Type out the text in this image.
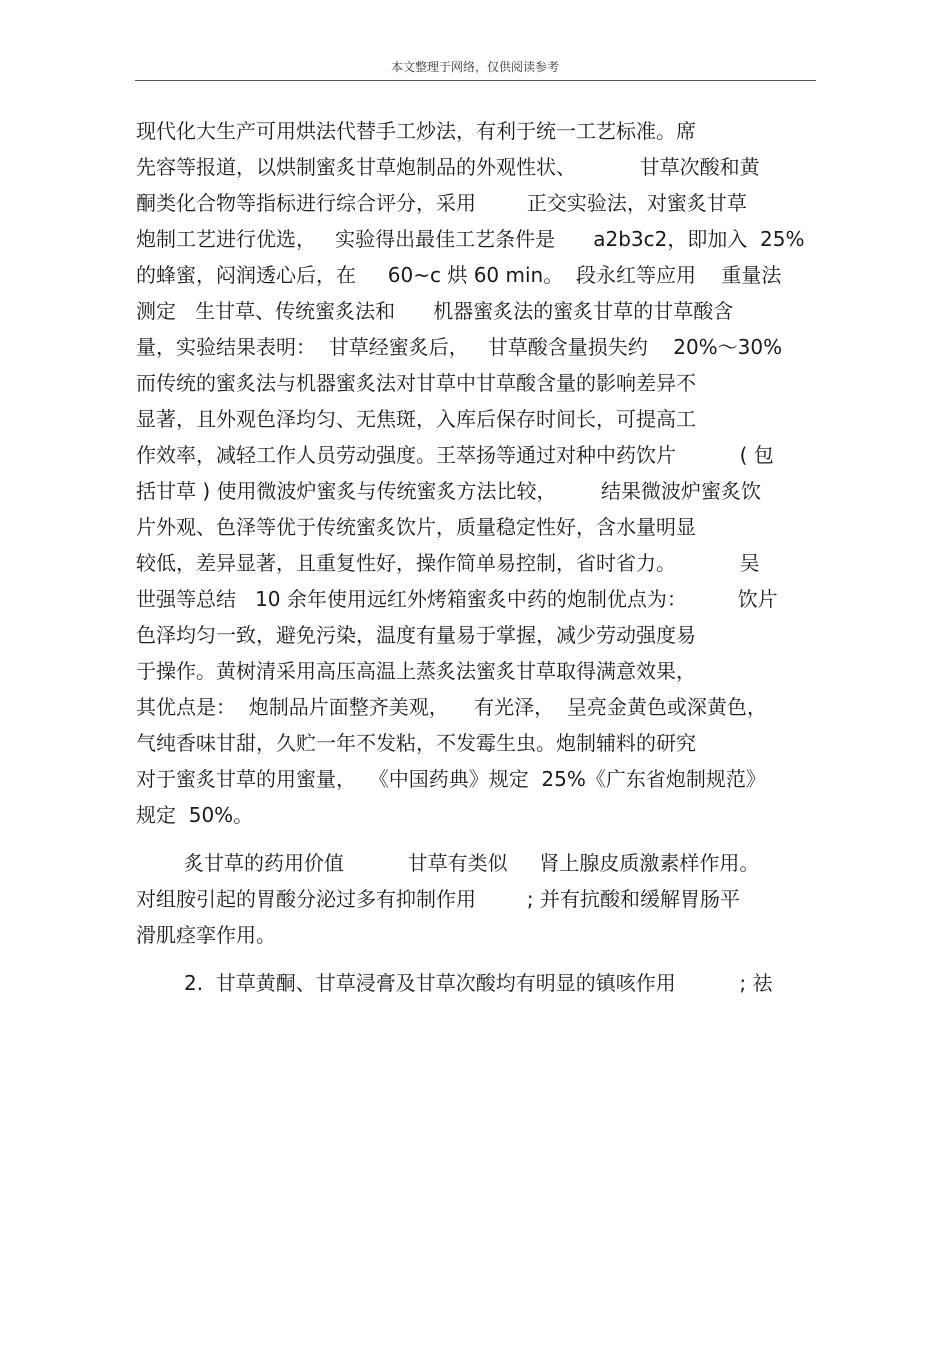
本文整理于网络，仅供阅读参考
现代化大生产可用烘法代替手工炒法，有利于统一工艺标准。席
先容等报道，以烘制蜜炙甘草炮制品的外观性状、          甘草次酸和黄
酮类化合物等指标进行综合评分，采用        正交实验法，对蜜炙甘草
炮制工艺进行优选，   实验得出最佳工艺条件是      a2b3c2，即加入  25%
的蜂蜜，闷润透心后，在     60~c 烘 60 min。  段永红等应用    重量法
测定   生甘草、传统蜜炙法和      机器蜜炙法的蜜炙甘草的甘草酸含
量，实验结果表明：  甘草经蜜炙后，   甘草酸含量损失约    20%～30%
而传统的蜜炙法与机器蜜炙法对甘草中甘草酸含量的影响差异不
显著，且外观色泽均匀、无焦斑，入库后保存时间长，可提高工
作效率，减轻工作人员劳动强度。王萃扬等通过对种中药饮片          ( 包
括甘草 ) 使用微波炉蜜炙与传统蜜炙方法比较，       结果微波炉蜜炙饮
片外观、色泽等优于传统蜜炙饮片，质量稳定性好，含水量明显
较低，差异显著，且重复性好，操作简单易控制，省时省力。          吴
世强等总结   10 余年使用远红外烤箱蜜炙中药的炮制优点为：        饮片
色泽均匀一致，避免污染，温度有量易于掌握，减少劳动强度易
于操作。黄树清采用高压高温上蒸炙法蜜炙甘草取得满意效果，
其优点是：  炮制品片面整齐美观，    有光泽，  呈亮金黄色或深黄色，
气纯香味甘甜，久贮一年不发粘，不发霉生虫。炮制辅料的研究
对于蜜炙甘草的用蜜量，  《中国药典》规定  25%《广东省炮制规范》
规定  50%。
炙甘草的药用价值          甘草有类似     肾上腺皮质激素样作用。
对组胺引起的胃酸分泌过多有抑制作用        ; 并有抗酸和缓解胃肠平
滑肌痉挛作用。
2.  甘草黄酮、甘草浸膏及甘草次酸均有明显的镇咳作用          ; 祛
